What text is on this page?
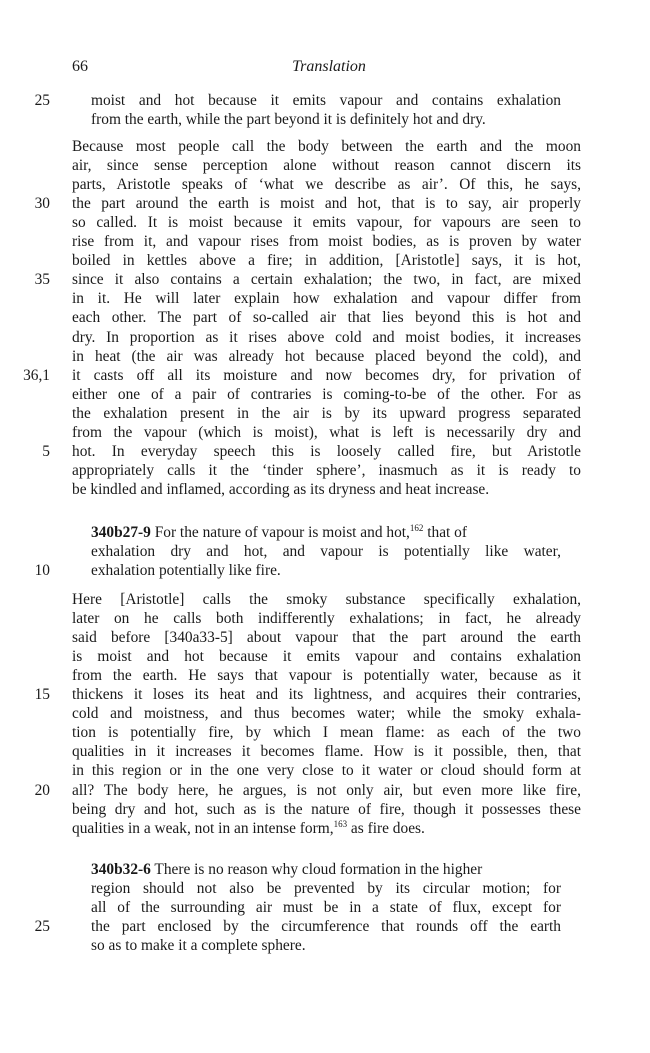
66	Translation
25	moist and hot because it emits vapour and contains exhalation
from the earth, while the part beyond it is definitely hot and dry.
Because most people call the body between the earth and the moon
air, since sense perception alone without reason cannot discern its
parts, Aristotle speaks of ‘what we describe as air’. Of this, he says,
30 the part around the earth is moist and hot, that is to say, air properly
so called. It is moist because it emits vapour, for vapours are seen to
rise from it, and vapour rises from moist bodies, as is proven by water
boiled in kettles above a fire; in addition, [Aristotle] says, it is hot,
35 since it also contains a certain exhalation; the two, in fact, are mixed
in it. He will later explain how exhalation and vapour differ from
each other. The part of so-called air that lies beyond this is hot and
dry. In proportion as it rises above cold and moist bodies, it increases
in heat (the air was already hot because placed beyond the cold), and
36,1 it casts off all its moisture and now becomes dry, for privation of
either one of a pair of contraries is coming-to-be of the other. For as
the exhalation present in the air is by its upward progress separated
from the vapour (which is moist), what is left is necessarily dry and
5 hot. In everyday speech this is loosely called fire, but Aristotle
appropriately calls it the ‘tinder sphere’, inasmuch as it is ready to
be kindled and inflamed, according as its dryness and heat increase.
340b27-9 For the nature of vapour is moist and hot,$^{162}$ that of
exhalation dry and hot, and vapour is potentially like water,
10	exhalation potentially like fire.
Here [Aristotle] calls the smoky substance specifically exhalation,
later on he calls both indifferently exhalations; in fact, he already
said before [340a33-5] about vapour that the part around the earth
is moist and hot because it emits vapour and contains exhalation
from the earth. He says that vapour is potentially water, because as it
15 thickens it loses its heat and its lightness, and acquires their contraries,
cold and moistness, and thus becomes water; while the smoky exhala-
tion is potentially fire, by which I mean flame: as each of the two
qualities in it increases it becomes flame. How is it possible, then, that
in this region or in the one very close to it water or cloud should form at
20 all? The body here, he argues, is not only air, but even more like fire,
being dry and hot, such as is the nature of fire, though it possesses these
qualities in a weak, not in an intense form,$^{163}$ as fire does.
340b32-6 There is no reason why cloud formation in the higher
region should not also be prevented by its circular motion; for
all of the surrounding air must be in a state of flux, except for
25	the part enclosed by the circumference that rounds off the earth
so as to make it a complete sphere.
